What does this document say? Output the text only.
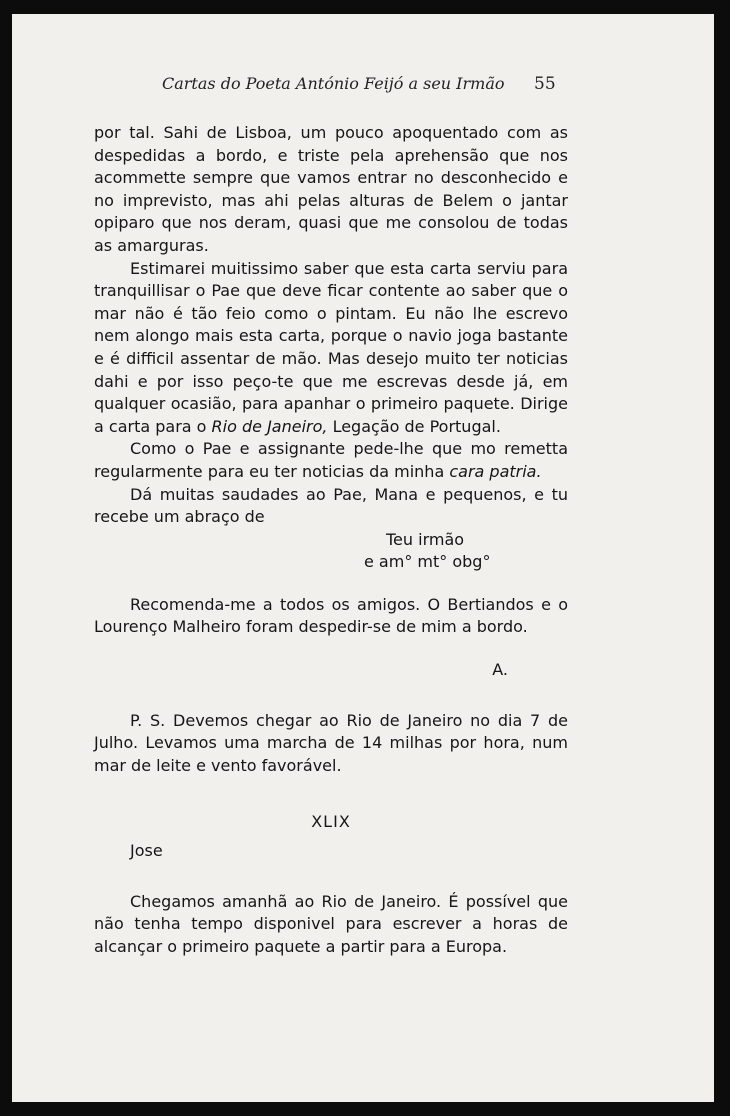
Cartas do Poeta António Feijó a seu Irmão 55

por tal. Sahi de Lisboa, um pouco apoquentado com as despedidas a bordo, e triste pela aprehensão que nos acommette sempre que vamos entrar no desconhecido e no imprevisto, mas ahi pelas alturas de Belem o jantar opiparo que nos deram, quasi que me consolou de todas as amarguras.

Estimarei muitissimo saber que esta carta serviu para tranquillisar o Pae que deve ficar contente ao saber que o mar não é tão feio como o pintam. Eu não lhe escrevo nem alongo mais esta carta, porque o navio joga bastante e é difficil assentar de mão. Mas desejo muito ter noticias dahi e por isso peço-te que me escrevas desde já, em qualquer ocasião, para apanhar o primeiro paquete. Dirige a carta para o Rio de Janeiro, Legação de Portugal.

Como o Pae e assignante pede-lhe que mo remetta regularmente para eu ter noticias da minha cara patria.

Dá muitas saudades ao Pae, Mana e pequenos, e tu recebe um abraço de

Teu irmão

e am° mt° obg°

Recomenda-me a todos os amigos. O Bertiandos e o Lourenço Malheiro foram despedir-se de mim a bordo.

A.

P. S. Devemos chegar ao Rio de Janeiro no dia 7 de Julho. Levamos uma marcha de 14 milhas por hora, num mar de leite e vento favorável.

XLIX

Jose

Chegamos amanhã ao Rio de Janeiro. É possível que não tenha tempo disponivel para escrever a horas de alcançar o primeiro paquete a partir para a Europa.
